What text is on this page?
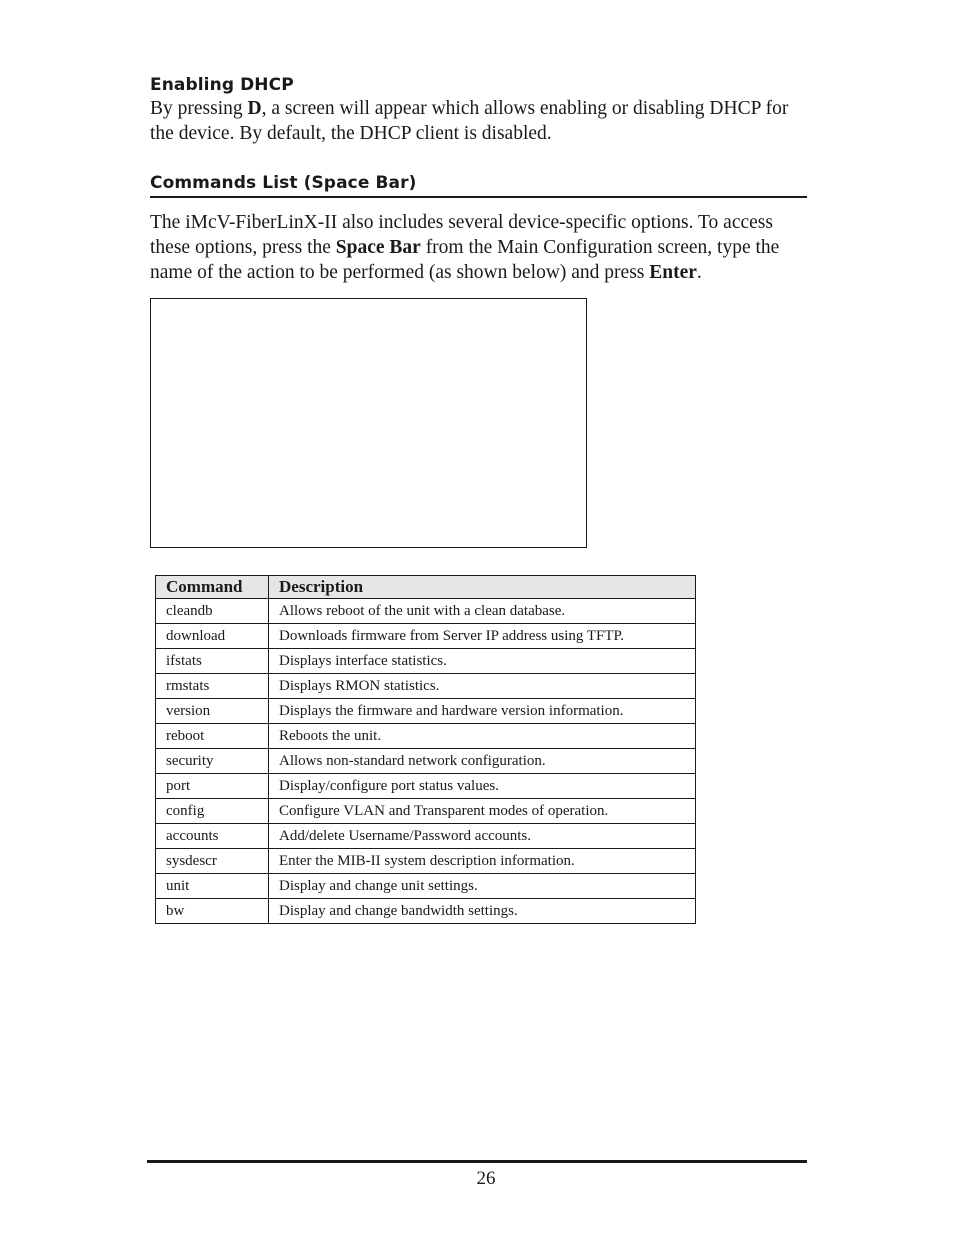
Enabling DHCP

By pressing D, a screen will appear which allows enabling or disabling DHCP for the device. By default, the DHCP client is disabled.

Commands List (Space Bar)

The iMcV-FiberLinX-II also includes several device-specific options. To access these options, press the Space Bar from the Main Configuration screen, type the name of the action to be performed (as shown below) and press Enter.

Command	Description
cleandb	Allows reboot of the unit with a clean database.
download	Downloads firmware from Server IP address using TFTP.
ifstats	Displays interface statistics.
rmstats	Displays RMON statistics.
version	Displays the firmware and hardware version information.
reboot	Reboots the unit.
security	Allows non-standard network configuration.
port	Display/configure port status values.
config	Configure VLAN and Transparent modes of operation.
accounts	Add/delete Username/Password accounts.
sysdescr	Enter the MIB-II system description information.
unit	Display and change unit settings.
bw	Display and change bandwidth settings.
26
